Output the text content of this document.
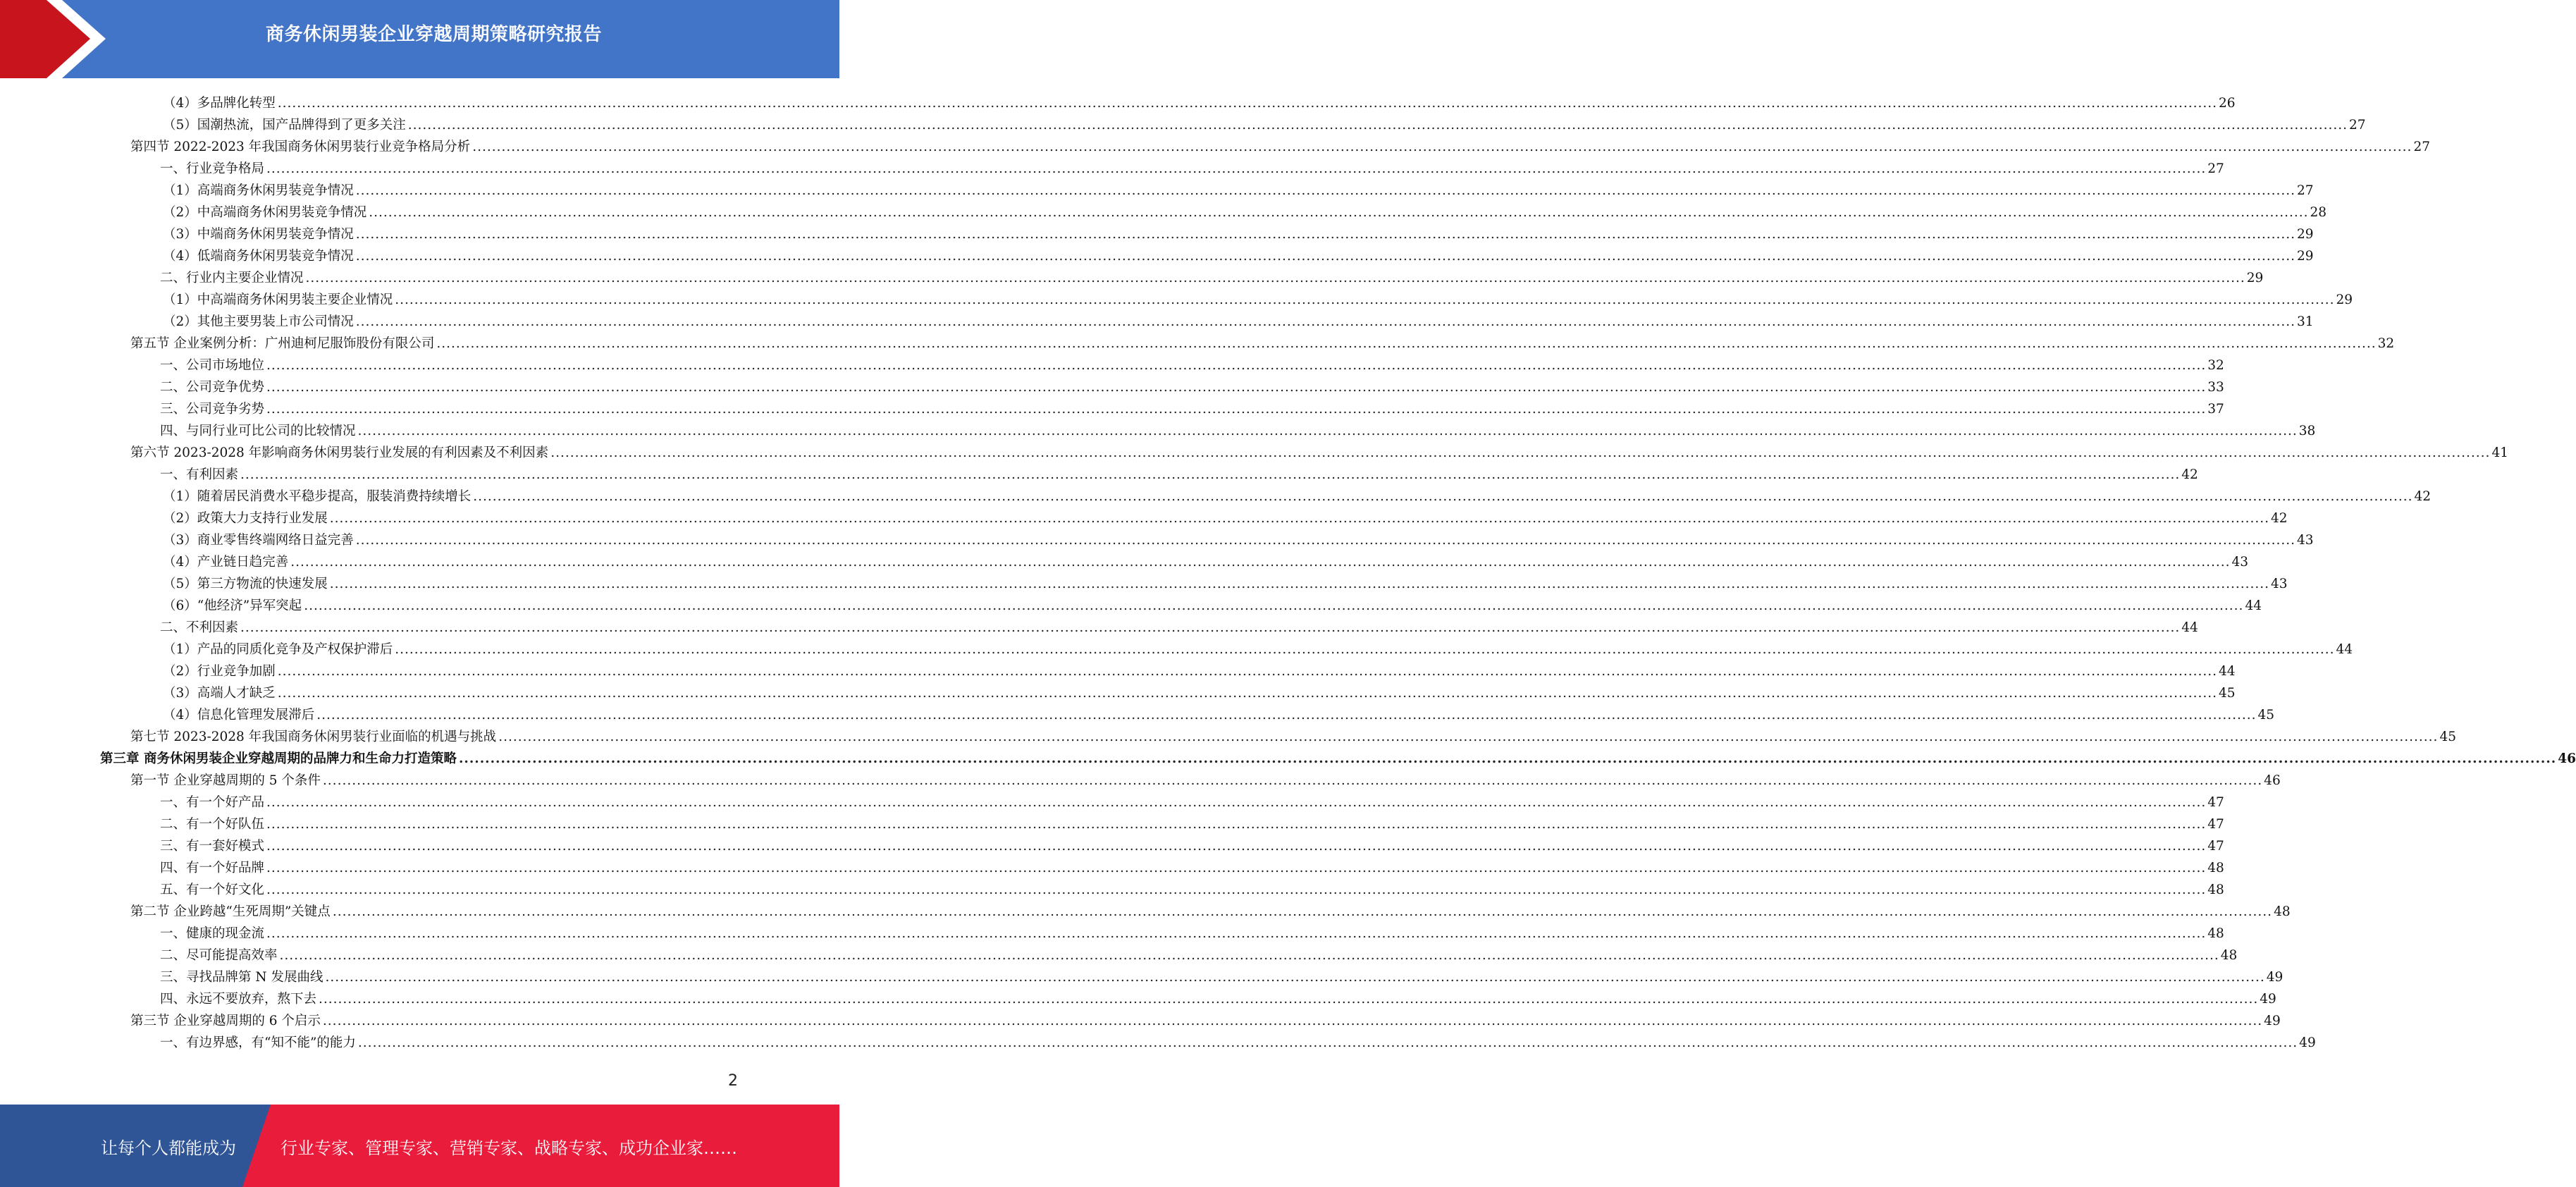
商务休闲男装企业穿越周期策略研究报告
（4）多品牌化转型 ................................................................................................................................................................................................................................................................................................................................................................................................................ 26
（5）国潮热流，国产品牌得到了更多关注 ................................................................................................................................................................................................................................................................................................................................................................................................................ 27
第四节 2022-2023 年我国商务休闲男装行业竞争格局分析 ................................................................................................................................................................................................................................................................................................................................................................................................................ 27
一、行业竞争格局 ................................................................................................................................................................................................................................................................................................................................................................................................................ 27
（1）高端商务休闲男装竞争情况 ................................................................................................................................................................................................................................................................................................................................................................................................................ 27
（2）中高端商务休闲男装竞争情况 ................................................................................................................................................................................................................................................................................................................................................................................................................ 28
（3）中端商务休闲男装竞争情况 ................................................................................................................................................................................................................................................................................................................................................................................................................ 29
（4）低端商务休闲男装竞争情况 ................................................................................................................................................................................................................................................................................................................................................................................................................ 29
二、行业内主要企业情况 ................................................................................................................................................................................................................................................................................................................................................................................................................ 29
（1）中高端商务休闲男装主要企业情况 ................................................................................................................................................................................................................................................................................................................................................................................................................ 29
（2）其他主要男装上市公司情况 ................................................................................................................................................................................................................................................................................................................................................................................................................ 31
第五节 企业案例分析：广州迪柯尼服饰股份有限公司 ................................................................................................................................................................................................................................................................................................................................................................................................................ 32
一、公司市场地位 ................................................................................................................................................................................................................................................................................................................................................................................................................ 32
二、公司竞争优势 ................................................................................................................................................................................................................................................................................................................................................................................................................ 33
三、公司竞争劣势 ................................................................................................................................................................................................................................................................................................................................................................................................................ 37
四、与同行业可比公司的比较情况 ................................................................................................................................................................................................................................................................................................................................................................................................................ 38
第六节 2023-2028 年影响商务休闲男装行业发展的有利因素及不利因素 ................................................................................................................................................................................................................................................................................................................................................................................................................ 41
一、有利因素 ................................................................................................................................................................................................................................................................................................................................................................................................................ 42
（1）随着居民消费水平稳步提高，服装消费持续增长 ................................................................................................................................................................................................................................................................................................................................................................................................................ 42
（2）政策大力支持行业发展 ................................................................................................................................................................................................................................................................................................................................................................................................................ 42
（3）商业零售终端网络日益完善 ................................................................................................................................................................................................................................................................................................................................................................................................................ 43
（4）产业链日趋完善 ................................................................................................................................................................................................................................................................................................................................................................................................................ 43
（5）第三方物流的快速发展 ................................................................................................................................................................................................................................................................................................................................................................................................................ 43
（6）“他经济”异军突起 ................................................................................................................................................................................................................................................................................................................................................................................................................ 44
二、不利因素 ................................................................................................................................................................................................................................................................................................................................................................................................................ 44
（1）产品的同质化竞争及产权保护滞后 ................................................................................................................................................................................................................................................................................................................................................................................................................ 44
（2）行业竞争加剧 ................................................................................................................................................................................................................................................................................................................................................................................................................ 44
（3）高端人才缺乏 ................................................................................................................................................................................................................................................................................................................................................................................................................ 45
（4）信息化管理发展滞后 ................................................................................................................................................................................................................................................................................................................................................................................................................ 45
第七节 2023-2028 年我国商务休闲男装行业面临的机遇与挑战 ................................................................................................................................................................................................................................................................................................................................................................................................................ 45
第三章 商务休闲男装企业穿越周期的品牌力和生命力打造策略 ................................................................................................................................................................................................................................................................................................................................................................................................................ 46
第一节 企业穿越周期的 5 个条件 ................................................................................................................................................................................................................................................................................................................................................................................................................ 46
一、有一个好产品 ................................................................................................................................................................................................................................................................................................................................................................................................................ 47
二、有一个好队伍 ................................................................................................................................................................................................................................................................................................................................................................................................................ 47
三、有一套好模式 ................................................................................................................................................................................................................................................................................................................................................................................................................ 47
四、有一个好品牌 ................................................................................................................................................................................................................................................................................................................................................................................................................ 48
五、有一个好文化 ................................................................................................................................................................................................................................................................................................................................................................................................................ 48
第二节 企业跨越“生死周期”关键点 ................................................................................................................................................................................................................................................................................................................................................................................................................ 48
一、健康的现金流 ................................................................................................................................................................................................................................................................................................................................................................................................................ 48
二、尽可能提高效率 ................................................................................................................................................................................................................................................................................................................................................................................................................ 48
三、寻找品牌第 N 发展曲线 ................................................................................................................................................................................................................................................................................................................................................................................................................ 49
四、永远不要放弃，熬下去 ................................................................................................................................................................................................................................................................................................................................................................................................................ 49
第三节 企业穿越周期的 6 个启示 ................................................................................................................................................................................................................................................................................................................................................................................................................ 49
一、有边界感，有“知不能”的能力 ................................................................................................................................................................................................................................................................................................................................................................................................................ 49
2
让每个人都能成为	行业专家、管理专家、营销专家、战略专家、成功企业家……
